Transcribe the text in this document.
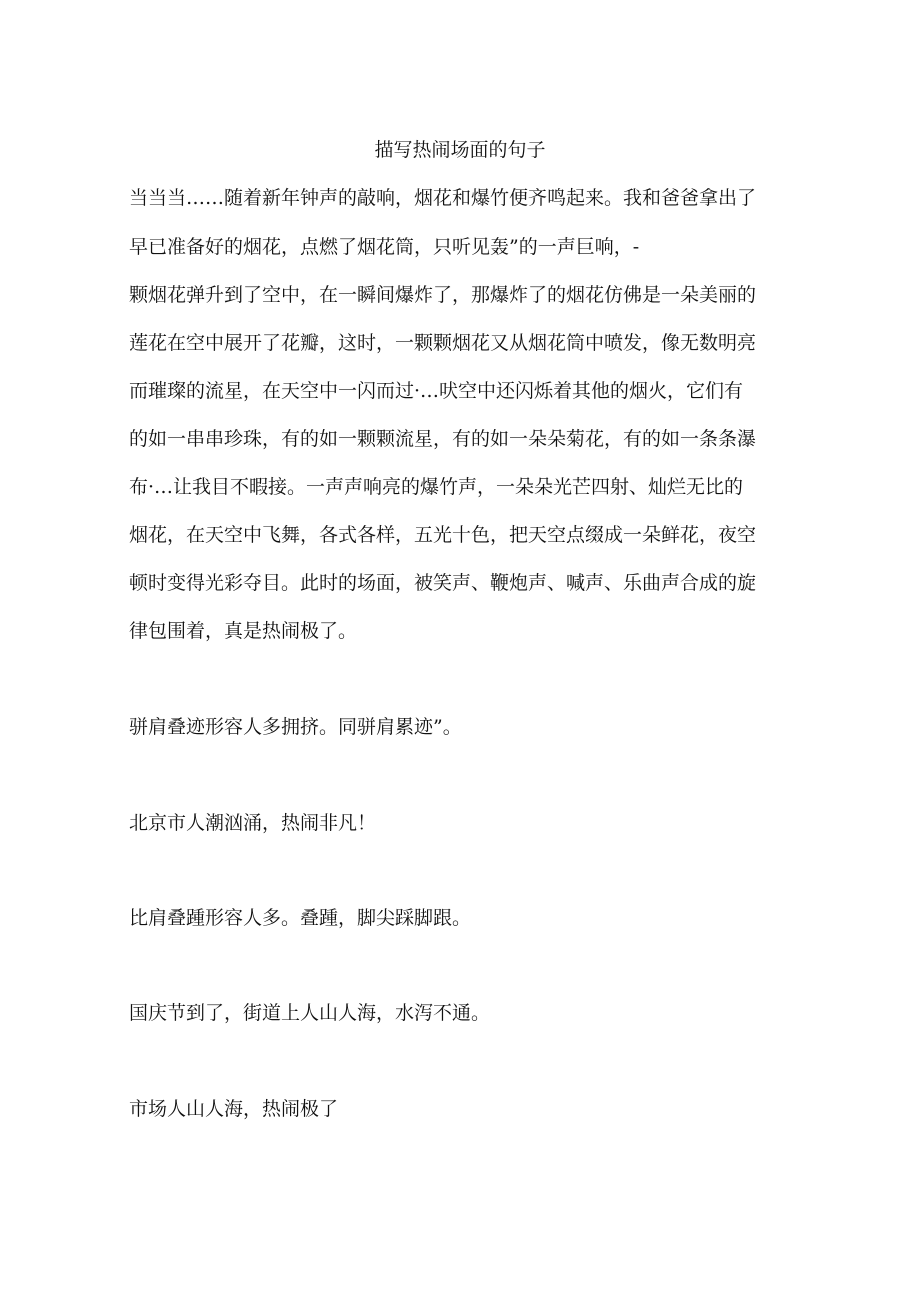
描写热闹场面的句子
当当当……随着新年钟声的敲响，烟花和爆竹便齐鸣起来。我和爸爸拿出了
早已准备好的烟花，点燃了烟花筒，只听见轰”的一声巨响，-
颗烟花弹升到了空中，在一瞬间爆炸了，那爆炸了的烟花仿佛是一朵美丽的
莲花在空中展开了花瓣，这时，一颗颗烟花又从烟花筒中喷发，像无数明亮
而璀璨的流星，在天空中一闪而过·…吠空中还闪烁着其他的烟火，它们有
的如一串串珍珠，有的如一颗颗流星，有的如一朵朵菊花，有的如一条条瀑
布·…让我目不暇接。一声声响亮的爆竹声，一朵朵光芒四射、灿烂无比的
烟花，在天空中飞舞，各式各样，五光十色，把天空点缀成一朵鲜花，夜空
顿时变得光彩夺目。此时的场面，被笑声、鞭炮声、喊声、乐曲声合成的旋
律包围着，真是热闹极了。
骈肩叠迹形容人多拥挤。同骈肩累迹”。
北京市人潮汹涌，热闹非凡！
比肩叠踵形容人多。叠踵，脚尖踩脚跟。
国庆节到了，街道上人山人海，水泻不通。
市场人山人海，热闹极了
